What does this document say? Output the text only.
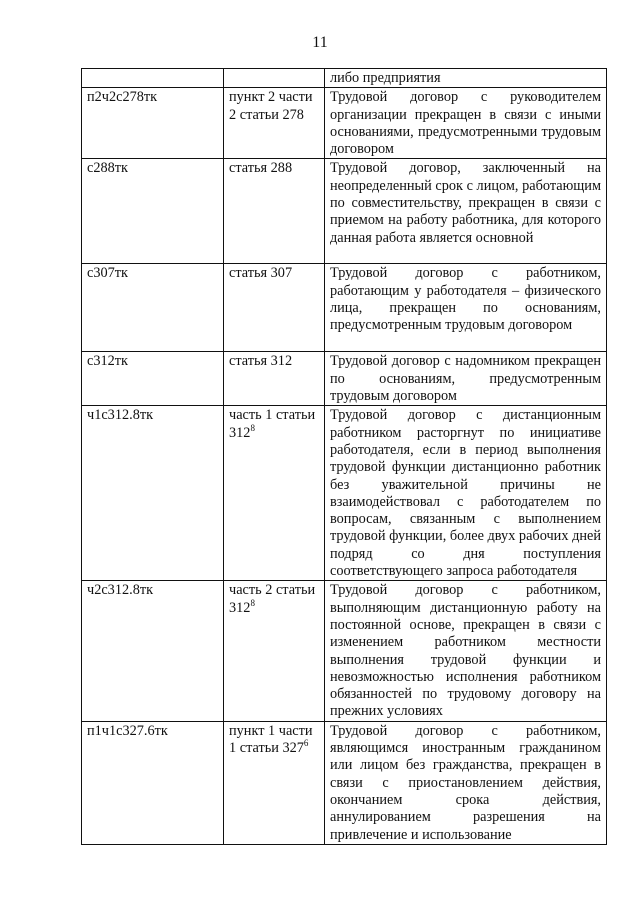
11

		либо предприятия

п2ч2с278тк	пункт 2 части 2 статьи 278	Трудовой договор с руководителем организации прекращен в связи с иными основаниями, предусмотренными трудовым договором

с288тк	статья 288	Трудовой договор, заключенный на неопределенный срок с лицом, работающим по совместительству, прекращен в связи с приемом на работу работника, для которого данная работа является основной

с307тк	статья 307	Трудовой договор с работником, работающим у работодателя – физического лица, прекращен по основаниям, предусмотренным трудовым договором

с312тк	статья 312	Трудовой договор с надомником прекращен по основаниям, предусмотренным трудовым договором

ч1с312.8тк	часть 1 статьи 312$^8$	Трудовой договор с дистанционным работником расторгнут по инициативе работодателя, если в период выполнения трудовой функции дистанционно работник без уважительной причины не взаимодействовал с работодателем по вопросам, связанным с выполнением трудовой функции, более двух рабочих дней подряд со дня поступления соответствующего запроса работодателя

ч2с312.8тк	часть 2 статьи 312$^8$	Трудовой договор с работником, выполняющим дистанционную работу на постоянной основе, прекращен в связи с изменением работником местности выполнения трудовой функции и невозможностью исполнения работником обязанностей по трудовому договору на прежних условиях

п1ч1с327.6тк	пункт 1 части 1 статьи 327$^6$	Трудовой договор с работником, являющимся иностранным гражданином или лицом без гражданства, прекращен в связи с приостановлением действия, окончанием срока действия, аннулированием разрешения на привлечение и использование
